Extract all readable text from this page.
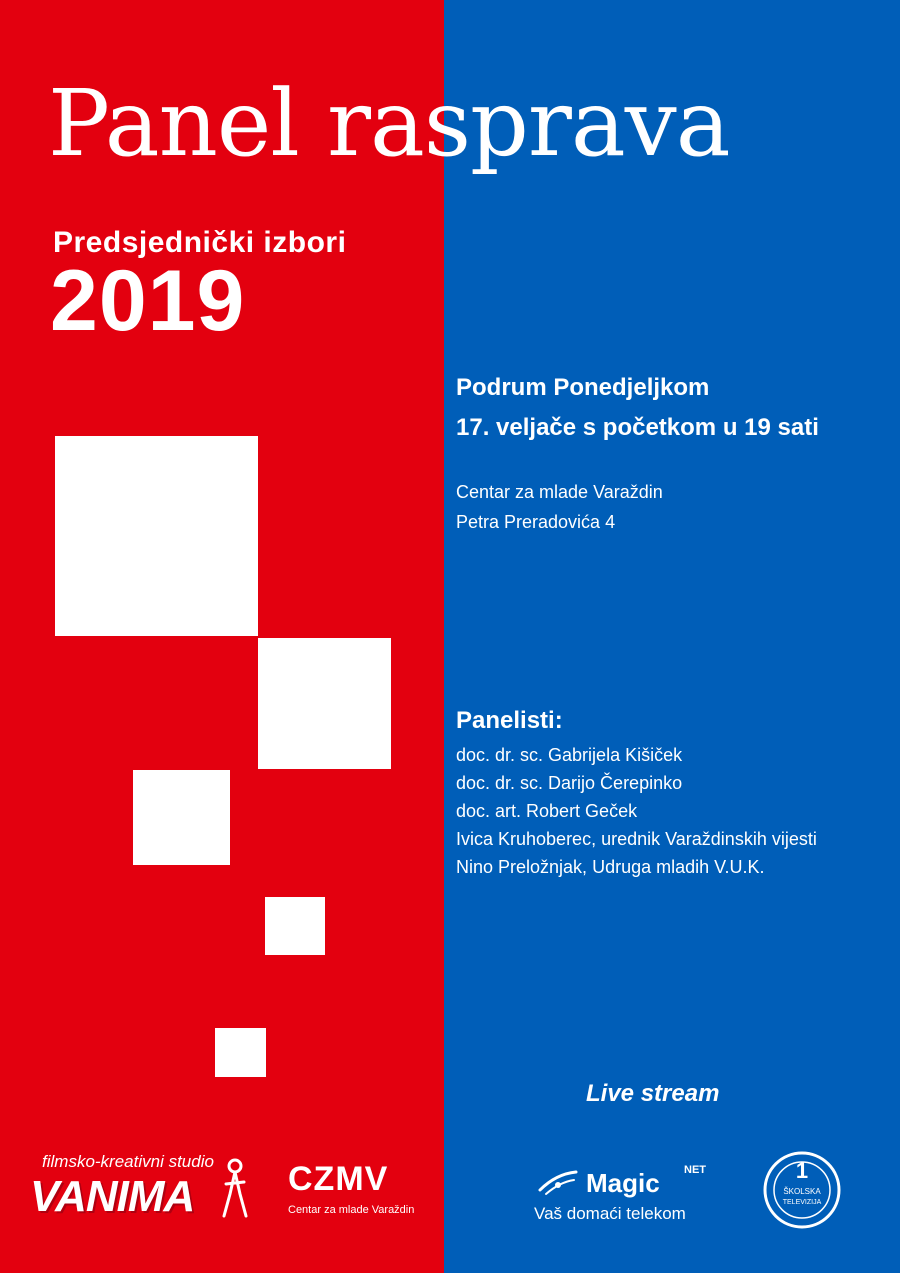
Panel rasprava
Predsjednički izbori
2019
Podrum Ponedjeljkom
17. veljače s početkom u 19 sati
Centar za mlade Varaždin
Petra Preradovića 4
Panelisti:
doc. dr. sc. Gabrijela Kišiček
doc. dr. sc. Darijo Čerepinko
doc. art. Robert Geček
Ivica Kruhoberec, urednik Varaždinskih vijesti
Nino Preložnjak, Udruga mladih V.U.K.
Live stream
filmsko-kreativni studio
VANIMA	CZMV
Centar za mlade Varaždin
Magic NET
Vaš domaći telekom
1
ŠKOLSKA
TELEVIZIJA
